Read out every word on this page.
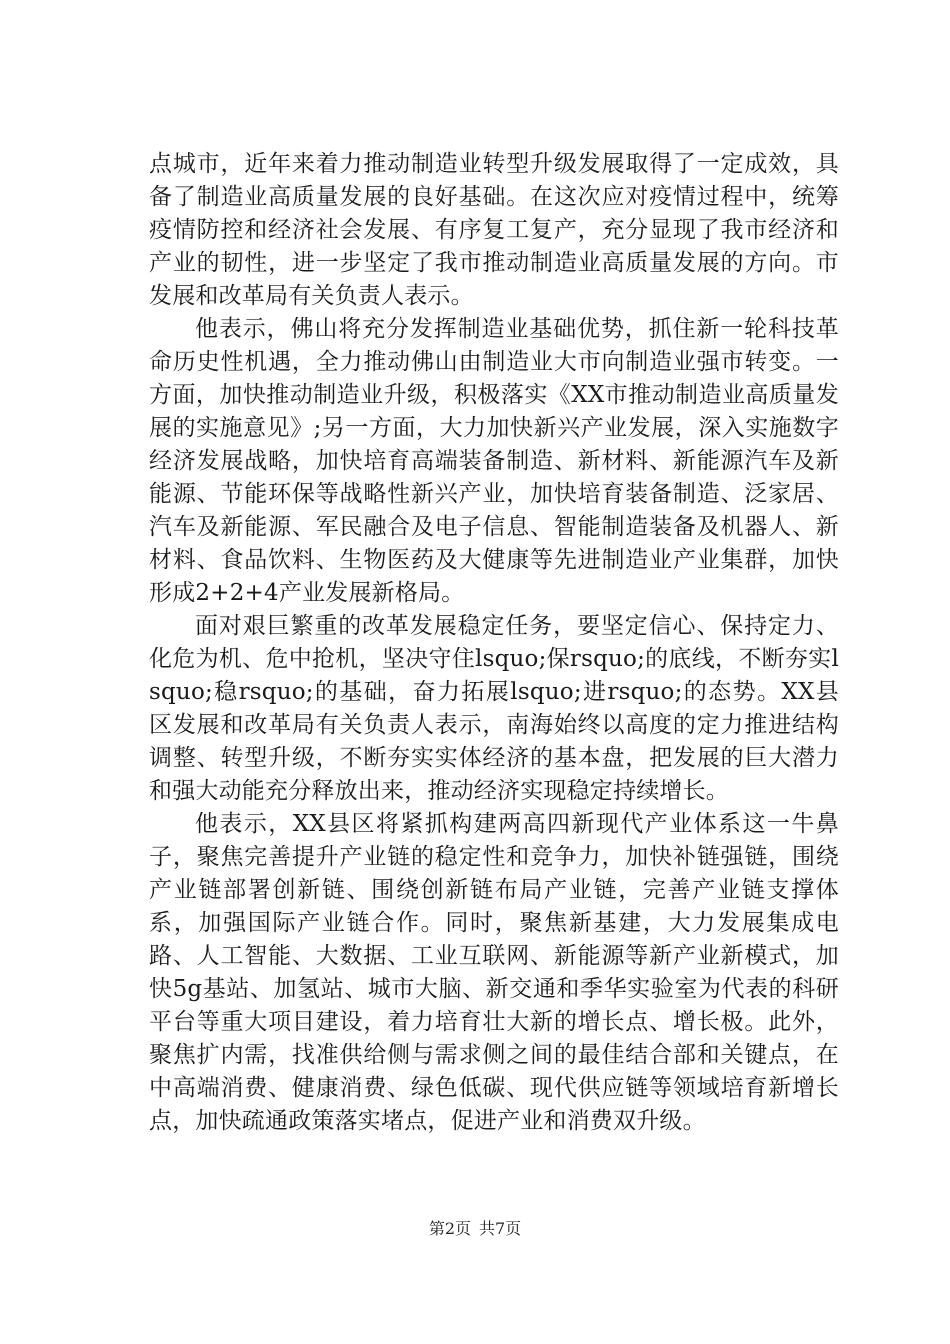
点城市，近年来着力推动制造业转型升级发展取得了一定成效，具备了制造业高质量发展的良好基础。在这次应对疫情过程中，统筹疫情防控和经济社会发展、有序复工复产，充分显现了我市经济和产业的韧性，进一步坚定了我市推动制造业高质量发展的方向。市发展和改革局有关负责人表示。

他表示，佛山将充分发挥制造业基础优势，抓住新一轮科技革命历史性机遇，全力推动佛山由制造业大市向制造业强市转变。一方面，加快推动制造业升级，积极落实《XX市推动制造业高质量发展的实施意见》;另一方面，大力加快新兴产业发展，深入实施数字经济发展战略，加快培育高端装备制造、新材料、新能源汽车及新能源、节能环保等战略性新兴产业，加快培育装备制造、泛家居、汽车及新能源、军民融合及电子信息、智能制造装备及机器人、新材料、食品饮料、生物医药及大健康等先进制造业产业集群，加快形成2+2+4产业发展新格局。

面对艰巨繁重的改革发展稳定任务，要坚定信心、保持定力、化危为机、危中抢机，坚决守住lsquo;保rsquo;的底线，不断夯实lsquo;稳rsquo;的基础，奋力拓展lsquo;进rsquo;的态势。XX县区发展和改革局有关负责人表示，南海始终以高度的定力推进结构调整、转型升级，不断夯实实体经济的基本盘，把发展的巨大潜力和强大动能充分释放出来，推动经济实现稳定持续增长。

他表示，XX县区将紧抓构建两高四新现代产业体系这一牛鼻子，聚焦完善提升产业链的稳定性和竞争力，加快补链强链，围绕产业链部署创新链、围绕创新链布局产业链，完善产业链支撑体系，加强国际产业链合作。同时，聚焦新基建，大力发展集成电路、人工智能、大数据、工业互联网、新能源等新产业新模式，加快5g基站、加氢站、城市大脑、新交通和季华实验室为代表的科研平台等重大项目建设，着力培育壮大新的增长点、增长极。此外，聚焦扩内需，找准供给侧与需求侧之间的最佳结合部和关键点，在中高端消费、健康消费、绿色低碳、现代供应链等领域培育新增长点，加快疏通政策落实堵点，促进产业和消费双升级。

第2页 共7页
